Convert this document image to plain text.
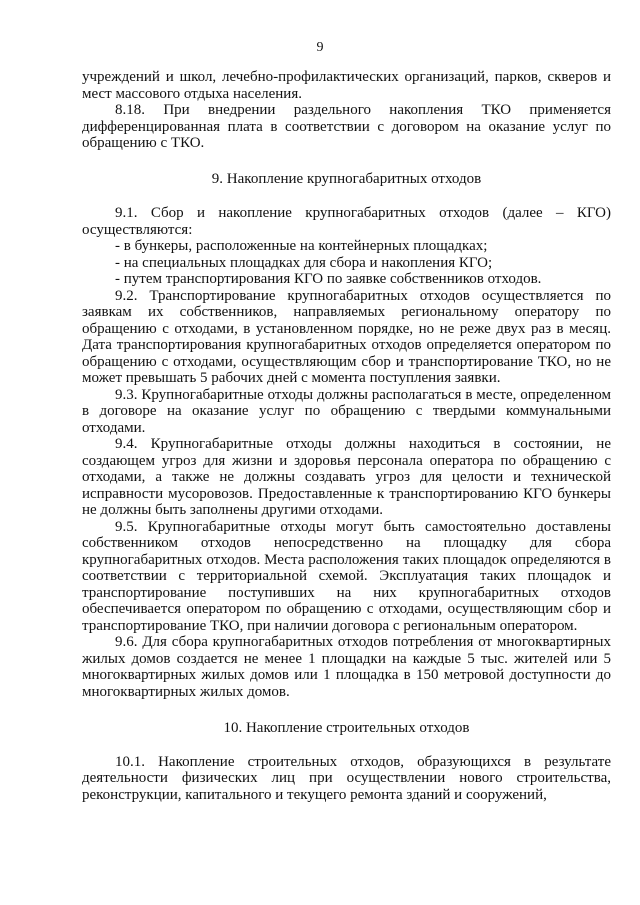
9

учреждений и школ, лечебно-профилактических организаций, парков, скверов и мест массового отдыха населения.

8.18. При внедрении раздельного накопления ТКО применяется дифференцированная плата в соответствии с договором на оказание услуг по обращению с ТКО.

9. Накопление крупногабаритных отходов

9.1. Сбор и накопление крупногабаритных отходов (далее – КГО) осуществляются:

- в бункеры, расположенные на контейнерных площадках;

- на специальных площадках для сбора и накопления КГО;

- путем транспортирования КГО по заявке собственников отходов.

9.2. Транспортирование крупногабаритных отходов осуществляется по заявкам их собственников, направляемых региональному оператору по обращению с отходами, в установленном порядке, но не реже двух раз в месяц. Дата транспортирования крупногабаритных отходов определяется оператором по обращению с отходами, осуществляющим сбор и транспортирование ТКО, но не может превышать 5 рабочих дней с момента поступления заявки.

9.3. Крупногабаритные отходы должны располагаться в месте, определенном в договоре на оказание услуг по обращению с твердыми коммунальными отходами.

9.4. Крупногабаритные отходы должны находиться в состоянии, не создающем угроз для жизни и здоровья персонала оператора по обращению с отходами, а также не должны создавать угроз для целости и технической исправности мусоровозов. Предоставленные к транспортированию КГО бункеры не должны быть заполнены другими отходами.

9.5. Крупногабаритные отходы могут быть самостоятельно доставлены собственником отходов непосредственно на площадку для сбора крупногабаритных отходов. Места расположения таких площадок определяются в соответствии с территориальной схемой. Эксплуатация таких площадок и транспортирование поступивших на них крупногабаритных отходов обеспечивается оператором по обращению с отходами, осуществляющим сбор и транспортирование ТКО, при наличии договора с региональным оператором.

9.6. Для сбора крупногабаритных отходов потребления от многоквартирных жилых домов создается не менее 1 площадки на каждые 5 тыс. жителей или 5 многоквартирных жилых домов или 1 площадка в 150 метровой доступности до многоквартирных жилых домов.

10. Накопление строительных отходов

10.1. Накопление строительных отходов, образующихся в результате деятельности физических лиц при осуществлении нового строительства, реконструкции, капитального и текущего ремонта зданий и сооружений,
